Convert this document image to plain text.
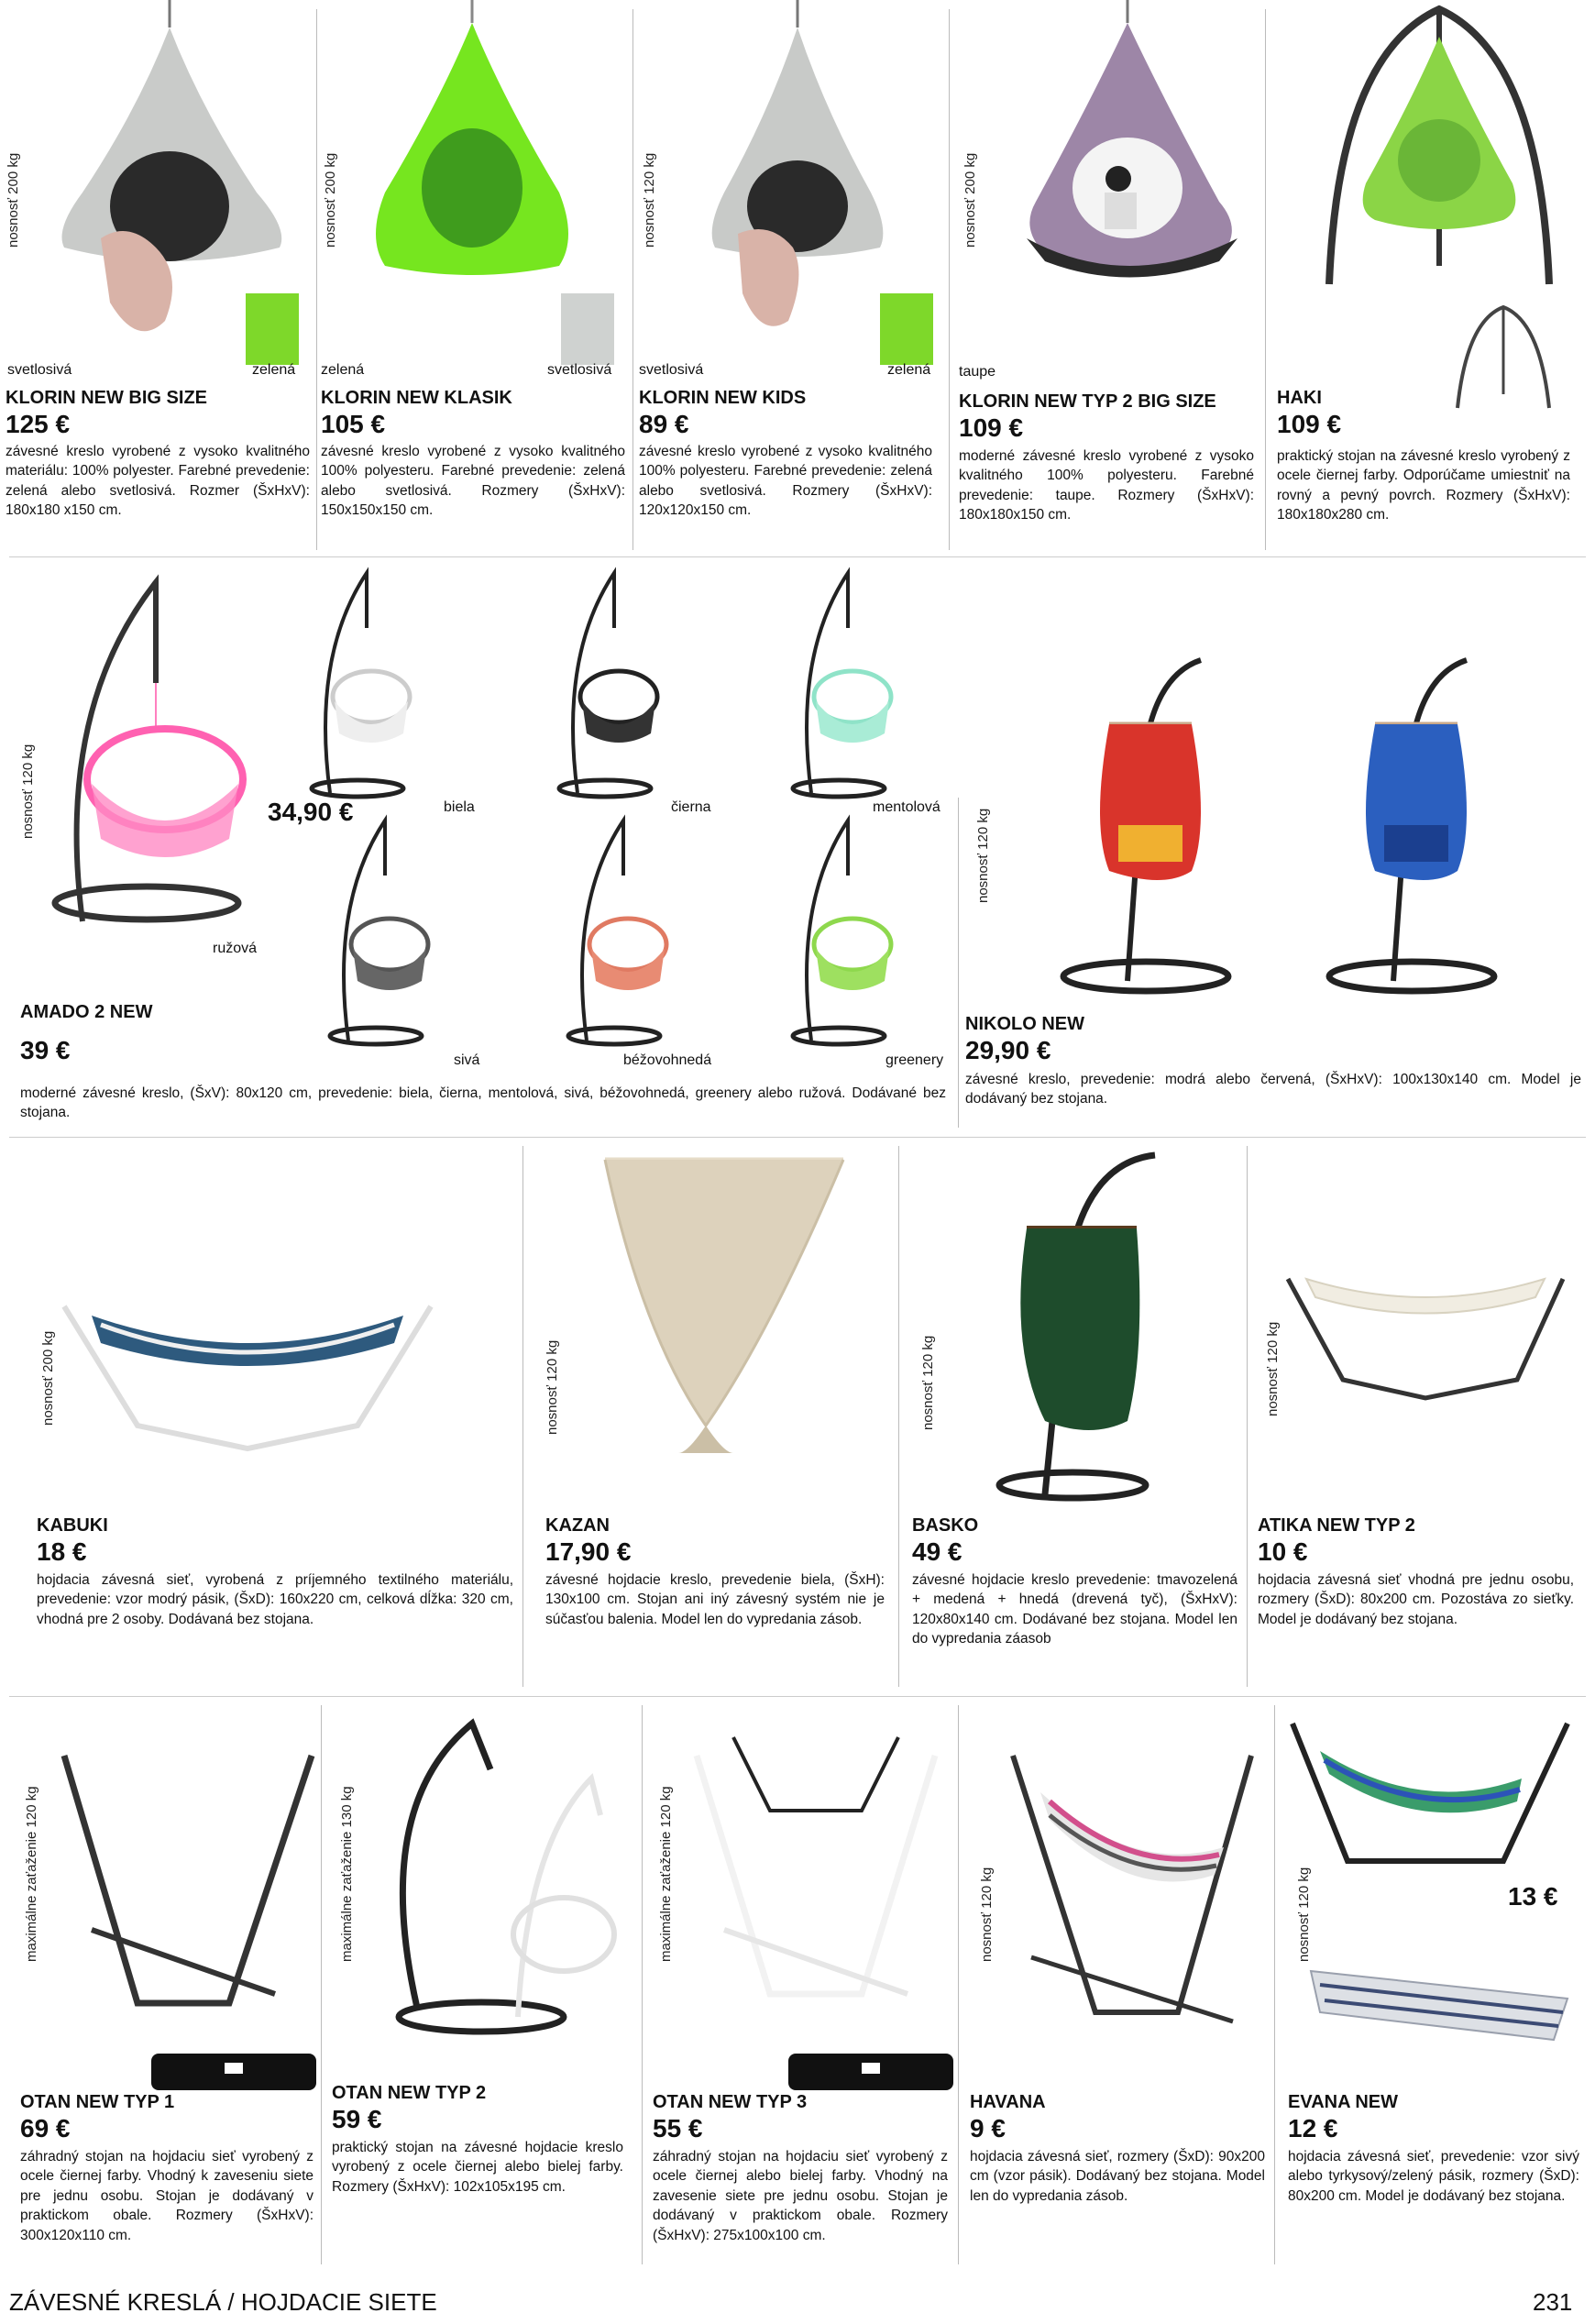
nosnosť 200 kg
svetlosivá	zelená
KLORIN NEW BIG SIZE
125 €
závesné kreslo vyrobené z vysoko kvalitného materiálu: 100% polyester. Farebné prevedenie: zelená alebo svetlosivá. Rozmer (ŠxHxV): 180x180 x150 cm.
nosnosť 200 kg
zelená	svetlosivá
KLORIN NEW KLASIK
105 €
závesné kreslo vyrobené z vysoko kvalitného 100% polyesteru. Farebné prevedenie: zelená alebo svetlosivá. Rozmery (ŠxHxV): 150x150x150 cm.
nosnosť 120 kg
svetlosivá	zelená
KLORIN NEW KIDS
89 €
závesné kreslo vyrobené z vysoko kvalitného 100% polyesteru. Farebné prevedenie: zelená alebo svetlosivá. Rozmery (ŠxHxV): 120x120x150 cm.
nosnosť 200 kg
taupe
KLORIN NEW TYP 2 BIG SIZE
109 €
moderné závesné kreslo vyrobené z vysoko kvalitného 100% polyesteru. Farebné prevedenie: taupe. Rozmery (ŠxHxV): 180x180x150 cm.
HAKI
109 €
praktický stojan na závesné kreslo vyrobený z ocele čiernej farby. Odporúčame umiestniť na rovný a pevný povrch. Rozmery (ŠxHxV): 180x180x280 cm.
nosnosť 120 kg	34,90 €
ružová
biela	čierna	mentolová
sivá	béžovohnedá	greenery
AMADO 2 NEW
39 €
moderné závesné kreslo, (ŠxV): 80x120 cm, prevedenie: biela, čierna, mentolová, sivá, béžovohnedá, greenery alebo ružová. Dodávané bez stojana.
nosnosť 120 kg
NIKOLO NEW
29,90 €
závesné kreslo, prevedenie: modrá alebo červená, (ŠxHxV): 100x130x140 cm. Model je dodávaný bez stojana.
nosnosť 200 kg
KABUKI
18 €
hojdacia závesná sieť, vyrobená z príjemného textilného materiálu, prevedenie: vzor modrý pásik, (ŠxD): 160x220 cm, celková dĺžka: 320 cm, vhodná pre 2 osoby. Dodávaná bez stojana.
nosnosť 120 kg
KAZAN
17,90 €
závesné hojdacie kreslo, prevedenie biela, (ŠxH): 130x100 cm. Stojan ani iný závesný systém nie je súčasťou balenia. Model len do vypredania zásob.
nosnosť 120 kg
BASKO
49 €
závesné hojdacie kreslo prevedenie: tmavozelená + medená + hnedá (drevená tyč), (ŠxHxV): 120x80x140 cm. Dodávané bez stojana. Model len do vypredania záasob
nosnosť 120 kg
ATIKA NEW TYP 2
10 €
hojdacia závesná sieť vhodná pre jednu osobu, rozmery (ŠxD): 80x200 cm. Pozostáva zo sieťky. Model je dodávaný bez stojana.
maximálne zaťaženie 120 kg
OTAN NEW TYP 1
69 €
záhradný stojan na hojdaciu sieť vyrobený z ocele čiernej farby. Vhodný k zaveseniu siete pre jednu osobu. Stojan je dodávaný v praktickom obale. Rozmery (ŠxHxV): 300x120x110 cm.
maximálne zaťaženie 130 kg
OTAN NEW TYP 2
59 €
praktický stojan na závesné hojdacie kreslo vyrobený z ocele čiernej alebo bielej farby. Rozmery (ŠxHxV): 102x105x195 cm.
maximálne zaťaženie 120 kg
OTAN NEW TYP 3
55 €
záhradný stojan na hojdaciu sieť vyrobený z ocele čiernej alebo bielej farby. Vhodný na zavesenie siete pre jednu osobu. Stojan je dodávaný v praktickom obale. Rozmery (ŠxHxV): 275x100x100 cm.
nosnosť 120 kg
HAVANA
9 €
hojdacia závesná sieť, rozmery (ŠxD): 90x200 cm (vzor pásik). Dodávaný bez stojana. Model len do vypredania zásob.
nosnosť 120 kg	13 €
EVANA NEW
12 €
hojdacia závesná sieť, prevedenie: vzor sivý alebo tyrkysový/zelený pásik, rozmery (ŠxD): 80x200 cm. Model je dodávaný bez stojana.
ZÁVESNÉ KRESLÁ / HOJDACIE SIETE	231
